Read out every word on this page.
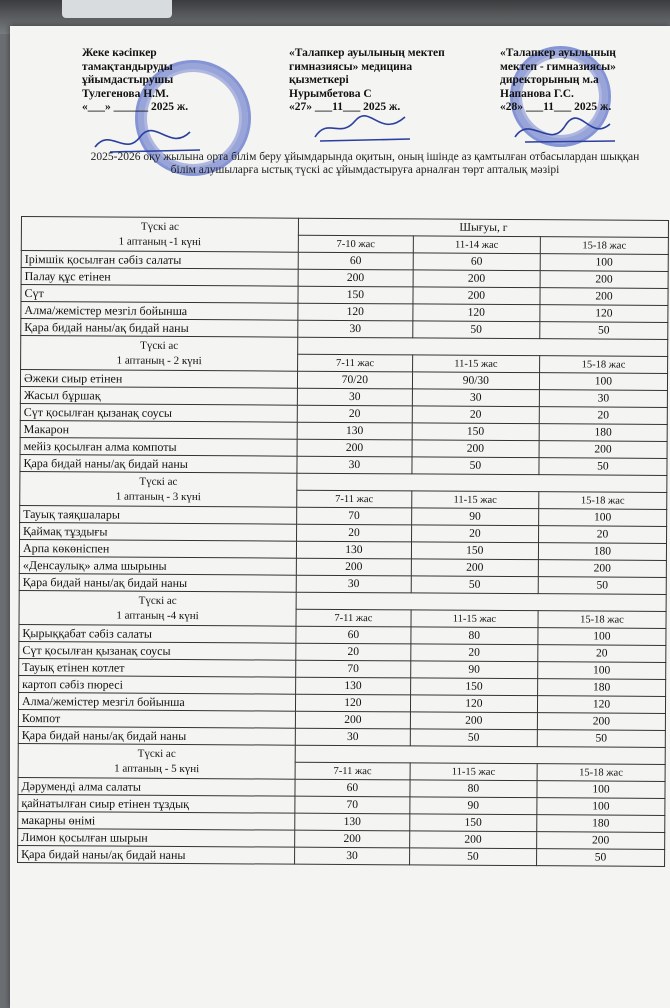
Жеке кәсіпкер
тамақтандыруды
ұйымдастырушы
Тулегенова Н.М.
«___» ______ 2025 ж.
«Талапкер ауылының мектеп
гимназиясы» медицина
қызметкері
Нурымбетова С
«27» ___11___ 2025 ж.
«Талапкер ауылының
мектеп - гимназиясы»
директорының м.а
Напанова Г.С.
«28» ___11___ 2025 ж.
2025-2026 оқу жылына орта білім беру ұйымдарында оқитын, оның ішінде аз қамтылған отбасылардан шыққан білім алушыларға ыстық түскі ас ұйымдастыруға арналған төрт апталық мәзірі
Түскі ас
1 аптаның -1 күні	Шығуы, г		
	7-10 жас	11-14 жас	15-18 жас
Ірімшік қосылған сәбіз салаты	60	60	100
Палау құс етінен	200	200	200
Сүт	150	200	200
Алма/жемістер мезгіл бойынша	120	120	120
Қара бидай наны/ақ бидай наны	30	50	50

Түскі ас
1 аптаның - 2 күні			

	7-11 жас	11-15 жас	15-18 жас
Әжеки сиыр етінен	70/20	90/30	100
Жасыл бұршақ	30	30	30
Сүт қосылған қызанақ соусы	20	20	20
Макарон	130	150	180
мейіз қосылған алма компоты	200	200	200
Қара бидай наны/ақ бидай наны	30	50	50

Түскі ас
1 аптаның - 3 күні			

	7-11 жас	11-15 жас	15-18 жас
Тауық таяқшалары	70	90	100
Қаймақ тұздығы	20	20	20
Арпа көкөніспен	130	150	180
«Денсаулық» алма шырыны	200	200	200
Қара бидай наны/ақ бидай наны	30	50	50

Түскі ас
1 аптаның -4 күні			

	7-11 жас	11-15 жас	15-18 жас
Қырыққабат сәбіз салаты	60	80	100
Сүт қосылған қызанақ соусы	20	20	20
Тауық етінен котлет	70	90	100
картоп сәбіз пюресі	130	150	180
Алма/жемістер мезгіл бойынша	120	120	120
Компот	200	200	200
Қара бидай наны/ақ бидай наны	30	50	50

Түскі ас
1 аптаның - 5 күні			

	7-11 жас	11-15 жас	15-18 жас
Дәруменді алма салаты	60	80	100
қайнатылған сиыр етінен тұздық	70	90	100
макарны өнімі	130	150	180
Лимон қосылған шырын	200	200	200
Қара бидай наны/ақ бидай наны	30	50	50
